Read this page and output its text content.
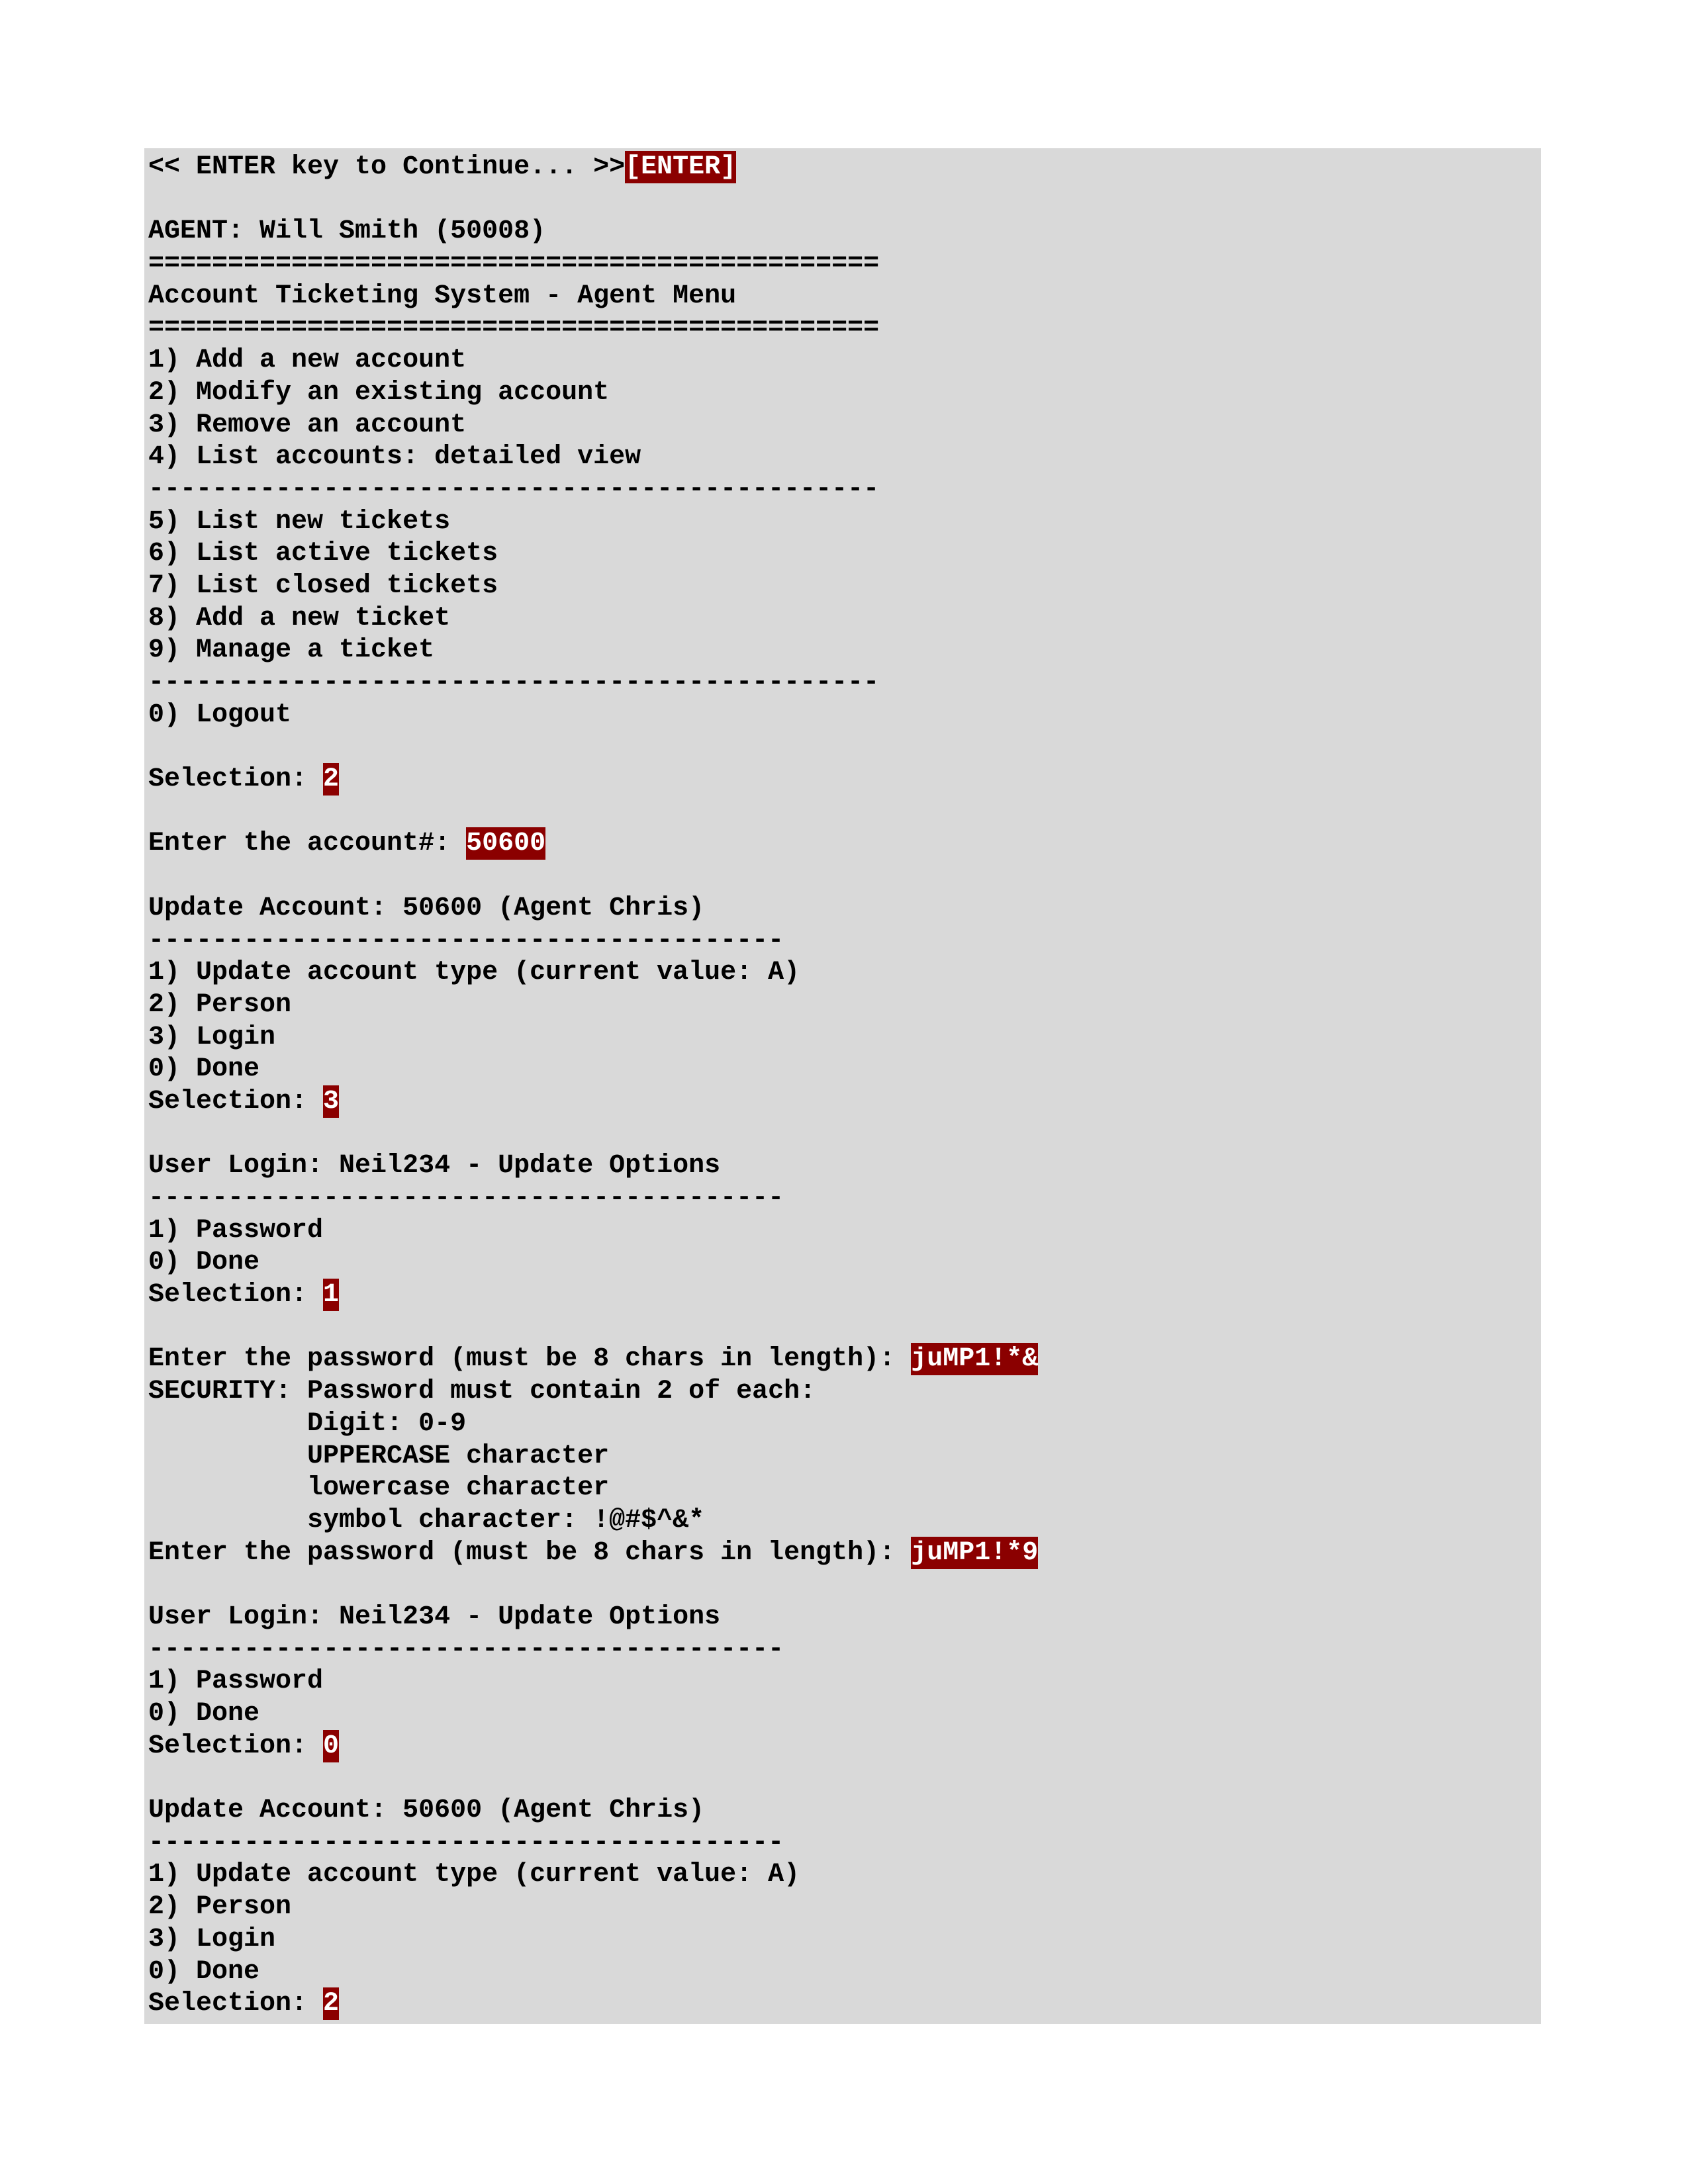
<< ENTER key to Continue... >>[ENTER]
AGENT: Will Smith (50008)
==============================================
Account Ticketing System - Agent Menu
==============================================
1) Add a new account
2) Modify an existing account
3) Remove an account
4) List accounts: detailed view
----------------------------------------------
5) List new tickets
6) List active tickets
7) List closed tickets
8) Add a new ticket
9) Manage a ticket
----------------------------------------------
0) Logout
Selection: 2
Enter the account#: 50600
Update Account: 50600 (Agent Chris)
----------------------------------------
1) Update account type (current value: A)
2) Person
3) Login
0) Done
Selection: 3
User Login: Neil234 - Update Options
----------------------------------------
1) Password
0) Done
Selection: 1
Enter the password (must be 8 chars in length): juMP1!*&
SECURITY: Password must contain 2 of each:
Digit: 0-9
UPPERCASE character
lowercase character
symbol character: !@#$^&*
Enter the password (must be 8 chars in length): juMP1!*9
User Login: Neil234 - Update Options
----------------------------------------
1) Password
0) Done
Selection: 0
Update Account: 50600 (Agent Chris)
----------------------------------------
1) Update account type (current value: A)
2) Person
3) Login
0) Done
Selection: 2
